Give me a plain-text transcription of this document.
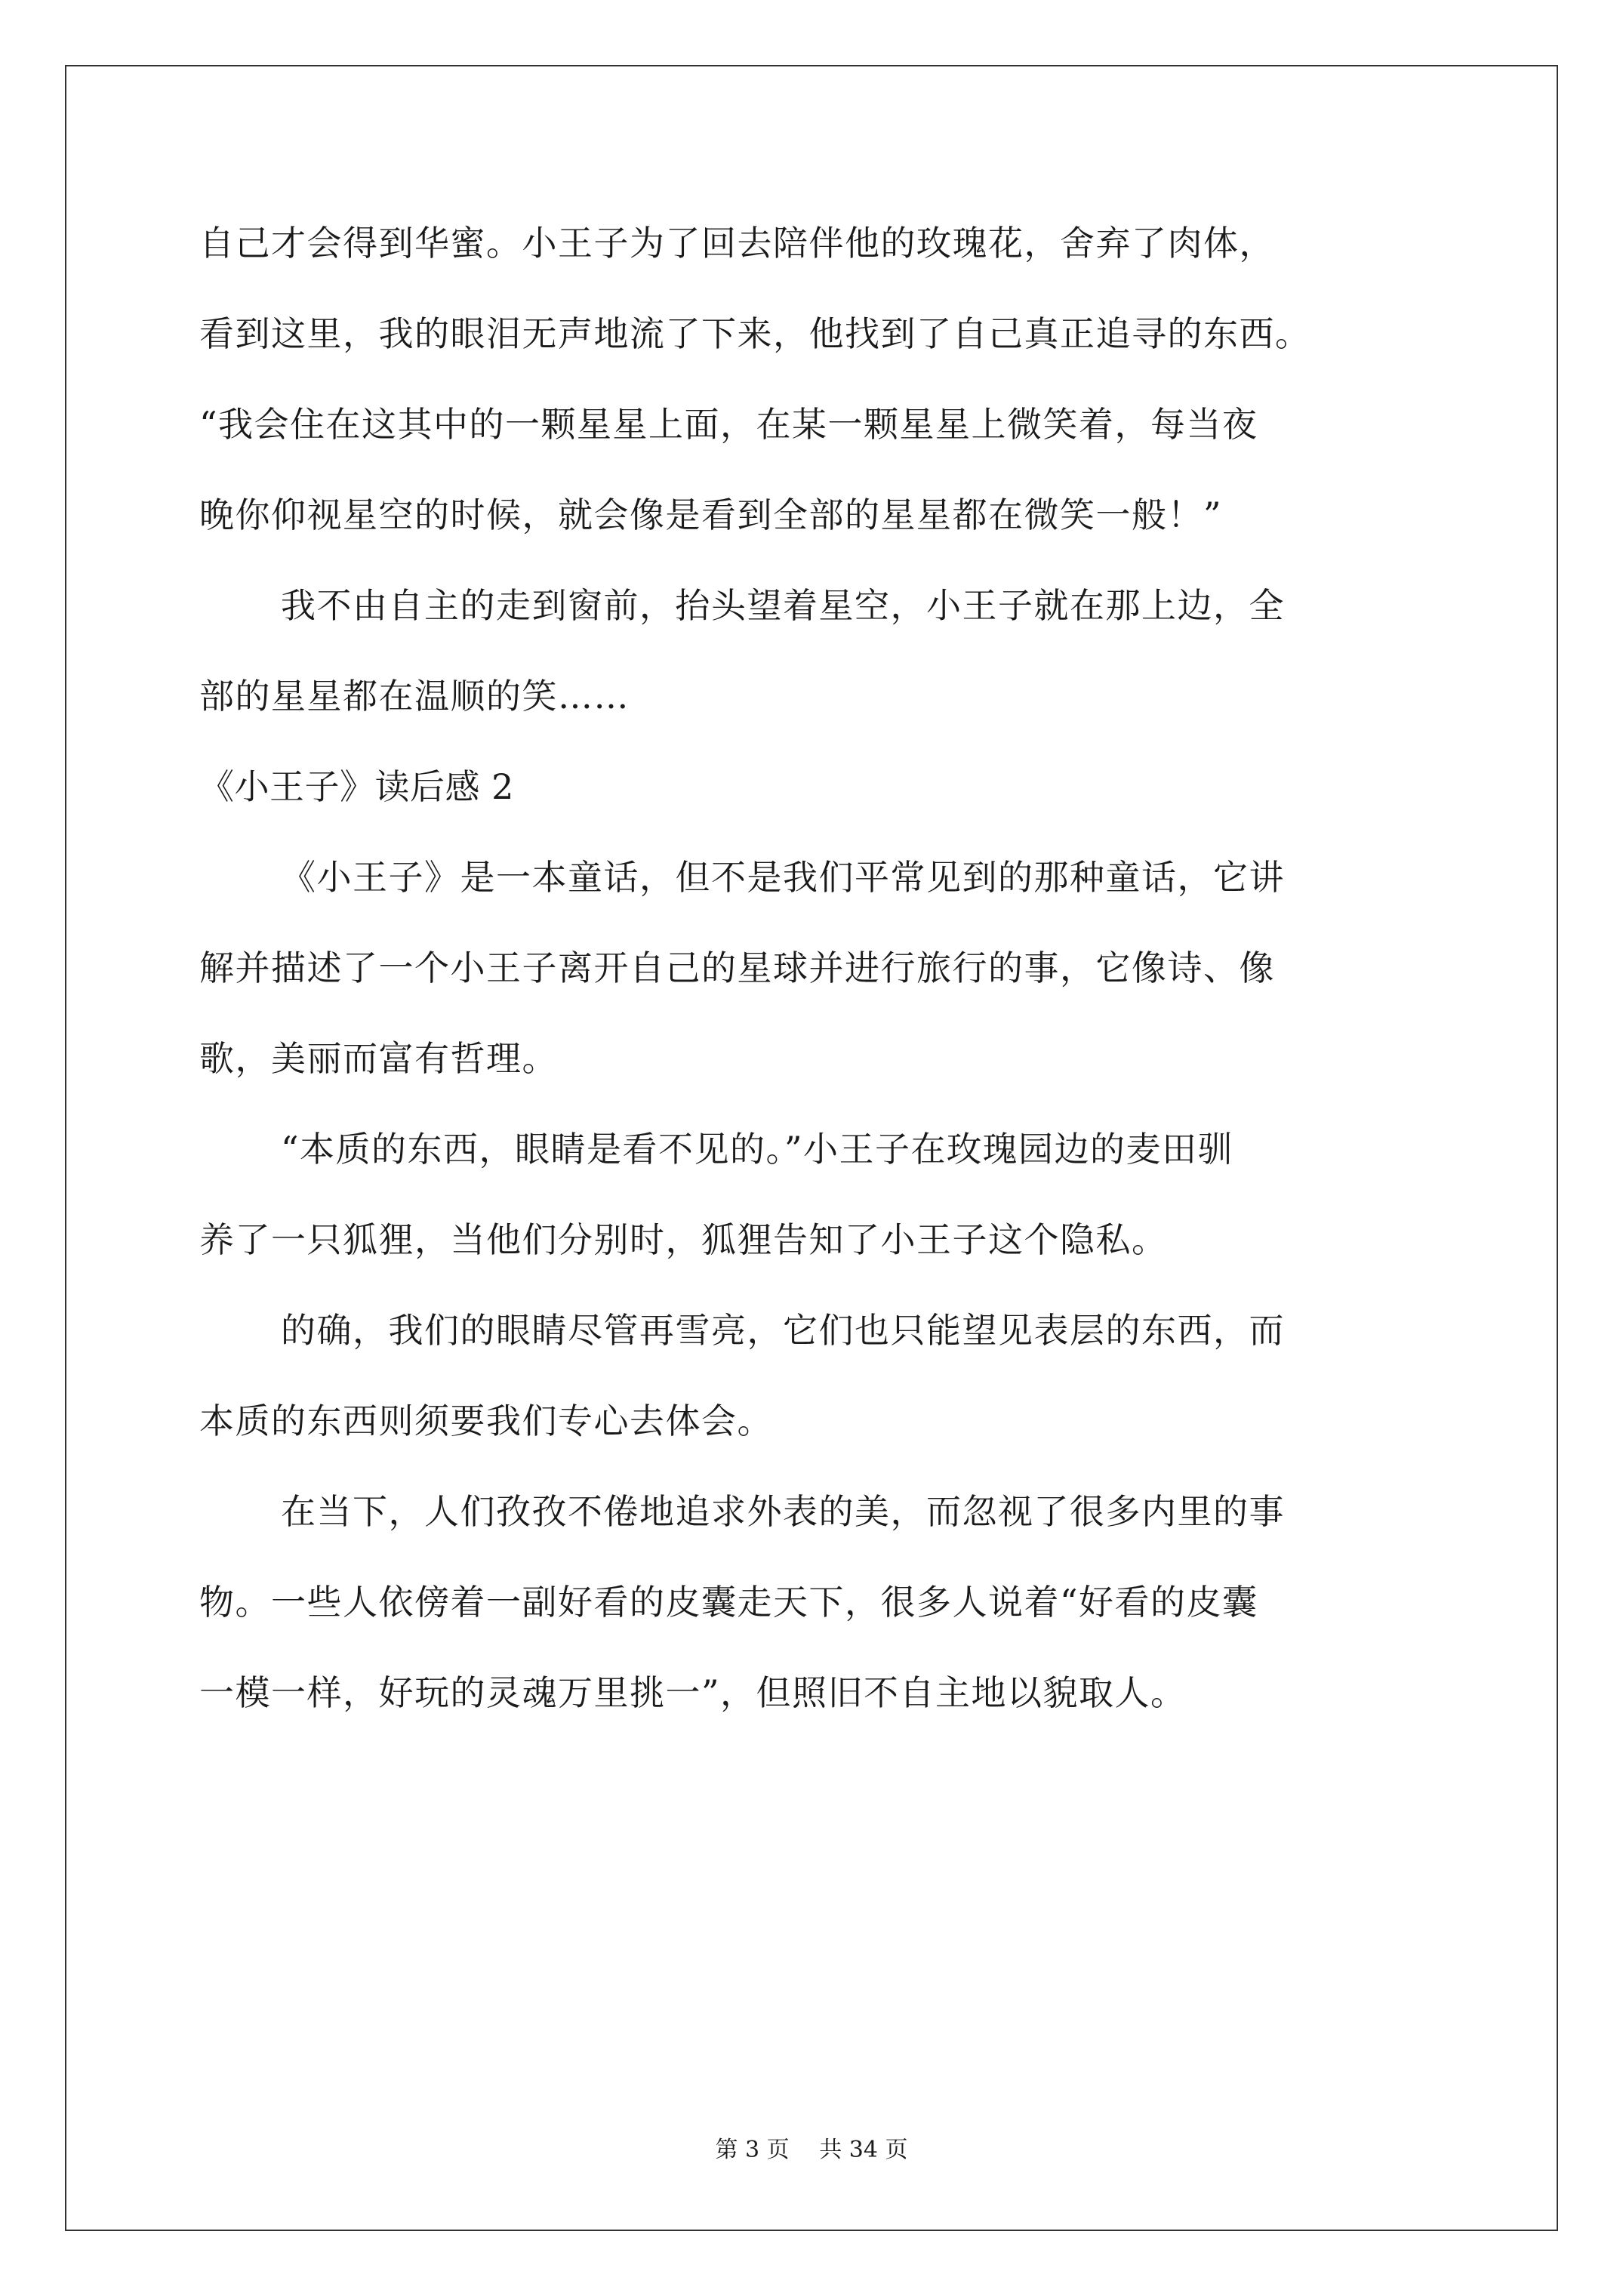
自己才会得到华蜜。小王子为了回去陪伴他的玫瑰花，舍弃了肉体，

看到这里，我的眼泪无声地流了下来，他找到了自己真正追寻的东西。

“我会住在这其中的一颗星星上面，在某一颗星星上微笑着，每当夜

晚你仰视星空的时候，就会像是看到全部的星星都在微笑一般！”

我不由自主的走到窗前，抬头望着星空，小王子就在那上边，全

部的星星都在温顺的笑……

《小王子》读后感 2

《小王子》是一本童话，但不是我们平常见到的那种童话，它讲

解并描述了一个小王子离开自己的星球并进行旅行的事，它像诗、像

歌，美丽而富有哲理。

“本质的东西，眼睛是看不见的。”小王子在玫瑰园边的麦田驯

养了一只狐狸，当他们分别时，狐狸告知了小王子这个隐私。

的确，我们的眼睛尽管再雪亮，它们也只能望见表层的东西，而

本质的东西则须要我们专心去体会。

在当下，人们孜孜不倦地追求外表的美，而忽视了很多内里的事

物。一些人依傍着一副好看的皮囊走天下，很多人说着“好看的皮囊

一模一样，好玩的灵魂万里挑一”，但照旧不自主地以貌取人。

第 3 页　 共 34 页
